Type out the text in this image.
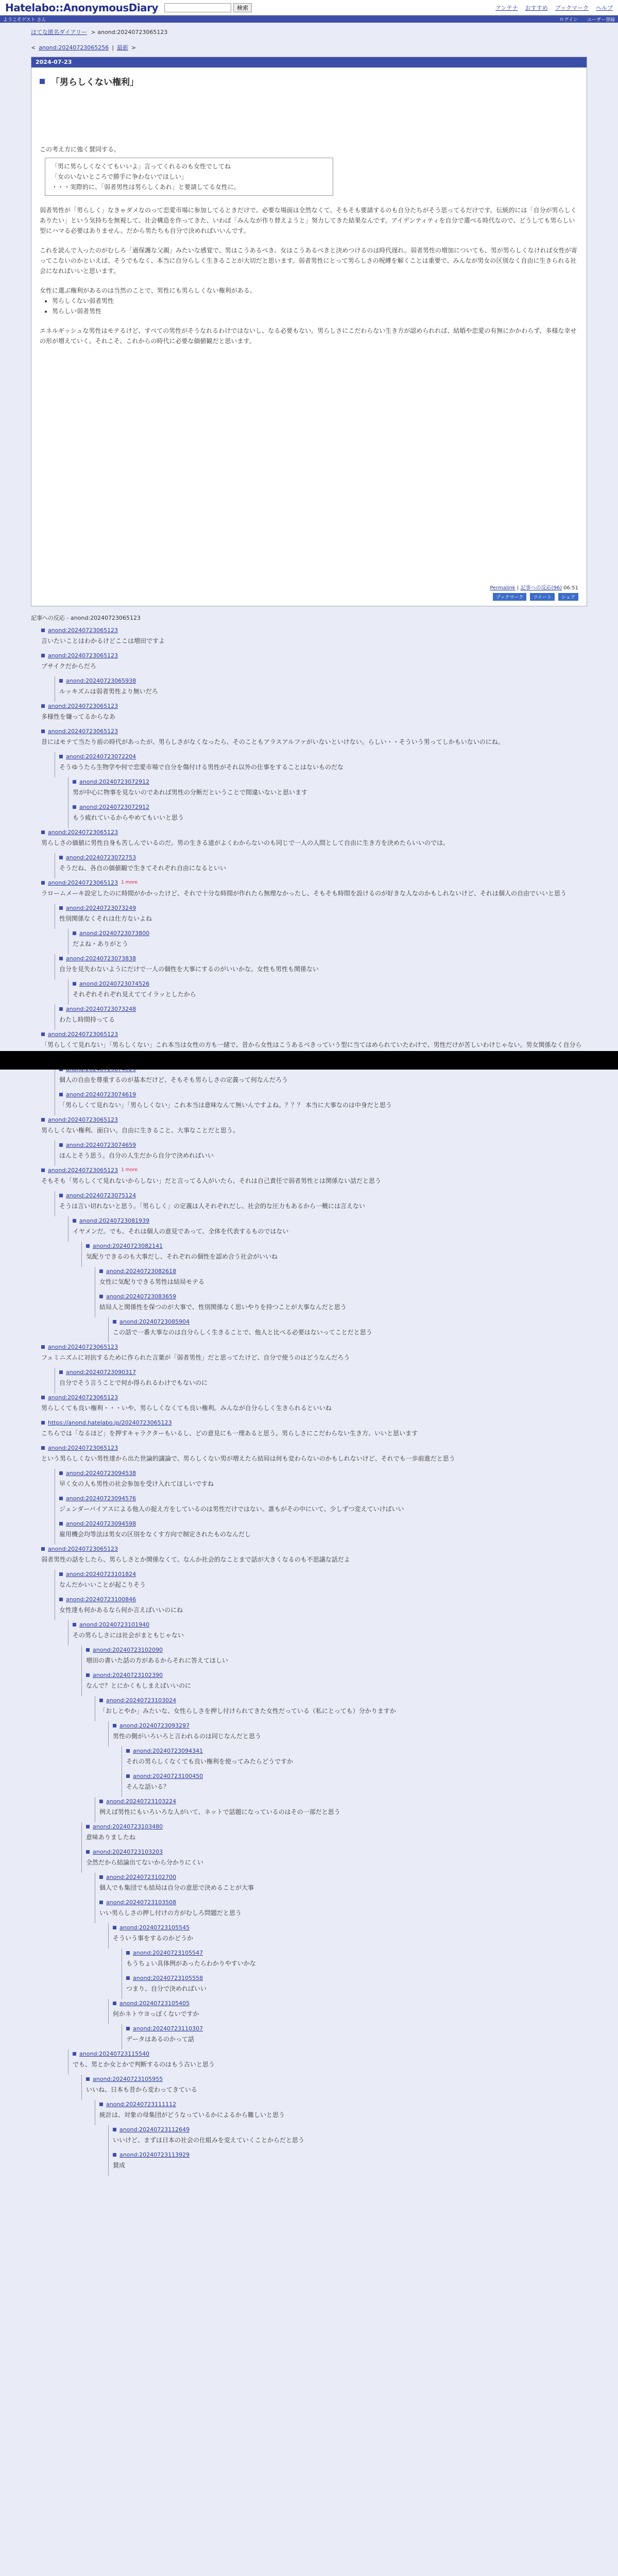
Hatelabo::AnonymousDiary	検索	アンテナ おすすめ ブックマーク ヘルプ
ようこそゲスト さん	ログイン ユーザー登録
はてな匿名ダイアリー > anond:20240723065123
< anond:20240723065256 | 最新 >
2024-07-23
「男らしくない権利」

この考え方に強く賛同する。

「男に男らしくなくてもいいよ」言ってくれるのも女性でしてね
「女のいないところで勝手に争わないでほしい」
・・・実際的に、「弱者男性は男らしくあれ」と要請してる女性に。

弱者男性が「男らしく」なきゃダメなのって恋愛市場に参加してるときだけで、必要な場面は全然なくて、そもそも要請するのも自分たちがそう思ってるだけです。伝統的には「自分が男らしくありたい」という気持ちを無視して、社会構造を作ってきた、いわば「みんなが作り替えようと」努力してきた結果なんです。アイデンティティを自分で選べる時代なので、どうしても男らしい型にハマる必要はありません。だから男たちも自分で決めればいいんです。

これを読んで入ったのがむしろ「過保護な父親」みたいな感覚で、男はこうあるべき、女はこうあるべきと決めつけるのは時代遅れ。弱者男性の増加についても、男が男らしくなければ女性が寄ってこないのかといえば、そうでもなく、本当に自分らしく生きることが大切だと思います。弱者男性にとって男らしさの呪縛を解くことは重要で、みんなが男女の区別なく自由に生きられる社会になればいいと思います。

女性に選ぶ権利があるのは当然のことで、男性にも男らしくない権利がある。

• 男らしくない弱者男性
• 男らしい弱者男性

エネルギッシュな男性はモテるけど、すべての男性がそうなれるわけではないし、なる必要もない。男らしさにこだわらない生き方が認められれば、結婚や恋愛の有無にかかわらず、多様な幸せの形が増えていく。それこそ、これからの時代に必要な価値観だと思います。

Permalink | 記事への反応(96) 06:51
ブックマーク ツイート シェア
記事への反応 - anond:20240723065123
anond:20240723065123
言いたいことはわかるけどここは増田ですよ
anond:20240723065123
ブサイクだからだろ
anond:20240723065938
ルッキズムは弱者男性より無いだろ
anond:20240723065123
多様性を嫌ってるからなあ
anond:20240723065123
昔にはモテて当たり前の時代があったが、男らしさがなくなったら、そのこともアラスアルファがいないといけない。らしい・・そういう男ってしかもいないのにね。
anond:20240723072204
そうゆうたら生物学や何で恋愛市場で自分を傷付ける男性がそれ以外の仕事をすることはないものだな
anond:20240723072912
男が中心に物事を見ないのであれば男性の分断だということで間違いないと思います
anond:20240723072912
もう疲れているからやめてもいいと思う
anond:20240723065123
男らしさの価値に男性自身も苦しんでいるのだ。男の生きる道がよくわからないのも同じで一人の人間として自由に生き方を決めたらいいのでは。
anond:20240723072753
そうだね、各自の価値観で生きてそれぞれ自由になるといい
anond:20240723065123 1 more
ラロームメーキ設定したのに時間がかかったけど、それで十分な時間が作れたら無理なかったし、そもそも時間を設けるのが好きな人なのかもしれないけど、それは個人の自由でいいと思う
anond:20240723073249
性別関係なくそれは仕方ないよね
anond:20240723073800
だよね・ありがとう
anond:20240723073838
自分を見失わないようにだけで一人の個性を大事にするのがいいかな。女性も男性も関係ない
anond:20240723074526
それぞれそれぞれ見えててイラッとしたから
anond:20240723073248
わたし時間持ってる
anond:20240723065123
「男らしくて見れない」「男らしくない」これ本当は女性の方も一緒で、昔から女性はこうあるべきっていう型に当てはめられていたわけで、男性だけが苦しいわけじゃない。男女関係なく自分ら
個人の自由を尊重するのが基本だけど、そもそも男らしさの定義って何なんだろう
anond:20240723074619
「男らしくて見れない」「男らしくない」これ本当は意味なんて無いんですよね。？？？ 本当に大事なのは中身だと思う
anond:20240723065123
男らしくない権利、面白い。自由に生きること、大事なことだと思う。
anond:20240723074659
ほんとそう思う。自分の人生だから自分で決めればいい
anond:20240723065123 1 more
そもそも「男らしくて見れないからしない」だと言ってる人がいたら、それは自己責任で弱者男性とは関係ない話だと思う
anond:20240723075124
そうは言い切れないと思う。「男らしく」の定義は人それぞれだし、社会的な圧力もあるから一概には言えない
anond:20240723081939
イヤメンだ。でも、それは個人の意見であって、全体を代表するものではない
anond:20240723082141
気配りできるのも大事だし、それぞれの個性を認め合う社会がいいね
anond:20240723082618
女性に気配りできる男性は結局モテる
anond:20240723083659
結局人と関係性を保つのが大事で、性別関係なく思いやりを持つことが大事なんだと思う
anond:20240723085904
この話で一番大事なのは自分らしく生きることで、他人と比べる必要はないってことだと思う
anond:20240723065123
フェミニズムに対抗するために作られた言葉が「弱者男性」だと思ってたけど、自分で使うのはどうなんだろう
anond:20240723090317
自分でそう言うことで何か得られるわけでもないのに
anond:20240723065123
男らしくても良い権利・・・いや、男らしくなくても良い権利。みんなが自分らしく生きられるといいね
https://anond.hatelabo.jp/20240723065123
こちらでは「なるほど」を押すキャラクターもいるし、どの意見にも一理あると思う。男らしさにこだわらない生き方、いいと思います
anond:20240723065123
という男らしくない男性達から出た世論的議論で、男らしくない男が増えたら結局は何も変わらないのかもしれないけど、それでも一歩前進だと思う
anond:20240723094538
早く女の人も男性の社会参加を受け入れてほしいですね
anond:20240723094576
ジェンダーバイアスによる他人の捉え方をしているのは男性だけではない。誰もがその中にいて、少しずつ変えていけばいい
anond:20240723094598
雇用機会均等法は男女の区別をなくす方向で制定されたものなんだし
anond:20240723065123
弱者男性の話をしたら、男らしさとか関係なくて、なんか社会的なことまで話が大きくなるのも不思議な話だよ
anond:20240723101824
なんだかいいことが起こりそう
anond:20240723100846
女性達も何かあるなら何か言えばいいのにね
anond:20240723101940
その男らしさには社会がまともじゃない
anond:20240723102090
増田の書いた話の方があるからそれに答えてほしい
anond:20240723102390
なんで？とにかくもしまえばいいのに
anond:20240723103024
「おしとやか」みたいな、女性らしさを押し付けられてきた女性だっている（私にとっても）分かりますか
anond:20240723093297
男性の側がいろいろと言われるのは同じなんだと思う
anond:20240723094341
それの男らしくなくても良い権利を使ってみたらどうですか
anond:20240723100450
そんな話いる？
anond:20240723103224
例えば男性にもいろいろな人がいて、ネットで話題になっているのはその一部だと思う
anond:20240723103480
意味ありましたね
anond:20240723103203
全然だから結論出てないから分かりにくい
anond:20240723102700
個人でも集団でも結局は自分の意思で決めることが大事
anond:20240723103508
いい男らしさの押し付けの方がむしろ問題だと思う
anond:20240723105545
そういう事をするのかどうか
anond:20240723105547
もうちょい具体例があったらわかりやすいかな
anond:20240723105558
つまり、自分で決めればいい
anond:20240723105405
何かネトウヨっぽくないですか
anond:20240723110307
データはあるのかって話
anond:20240723115540
でも、男とか女とかで判断するのはもう古いと思う
anond:20240723105955
いいね、日本も昔から変わってきている
anond:20240723111112
統計は、対象の母集団がどうなっているかによるから難しいと思う
anond:20240723112649
いいけど、まずは日本の社会の仕組みを変えていくことからだと思う
anond:20240723113929
賛成
